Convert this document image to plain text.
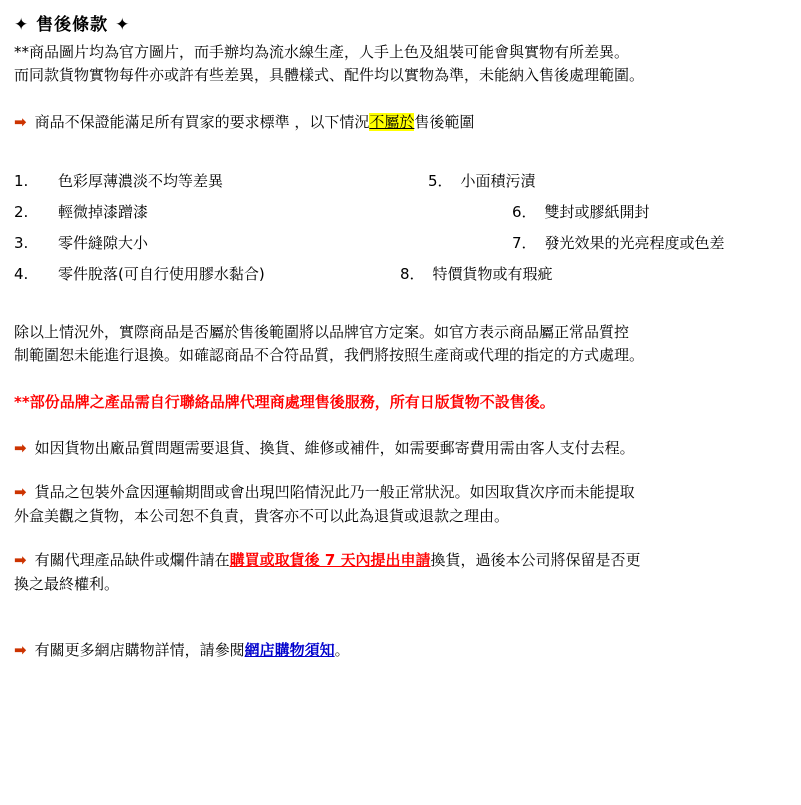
✦ 售後條款 ✦
**商品圖片均為官方圖片，而手辦均為流水線生產，人手上色及組裝可能會與實物有所差異。
而同款貨物實物每件亦或許有些差異，具體樣式、配件均以實物為準，未能納入售後處理範圍。
➡ 商品不保證能滿足所有買家的要求標準 ，以下情況不屬於售後範圍
1. 色彩厚薄濃淡不均等差異
2. 輕微掉漆蹭漆
3. 零件縫隙大小
4. 零件脫落(可自行使用膠水黏合)
5． 小面積污漬
6． 雙封或膠紙開封
7． 發光效果的光亮程度或色差
8． 特價貨物或有瑕疵
除以上情況外，實際商品是否屬於售後範圍將以品牌官方定案。如官方表示商品屬正常品質控
制範圍恕未能進行退換。如確認商品不合符品質，我們將按照生產商或代理的指定的方式處理。
**部份品牌之產品需自行聯絡品牌代理商處理售後服務，所有日版貨物不設售後。
➡ 如因貨物出廠品質問題需要退貨、換貨、維修或補件，如需要郵寄費用需由客人支付去程。
➡ 貨品之包裝外盒因運輸期間或會出現凹陷情況此乃一般正常狀況。如因取貨次序而未能提取
外盒美觀之貨物，本公司恕不負責，貴客亦不可以此為退貨或退款之理由。
➡ 有關代理產品缺件或爛件請在購買或取貨後 7 天內提出申請換貨，過後本公司將保留是否更
換之最終權利。
➡ 有關更多網店購物詳情，請參閱網店購物須知。
